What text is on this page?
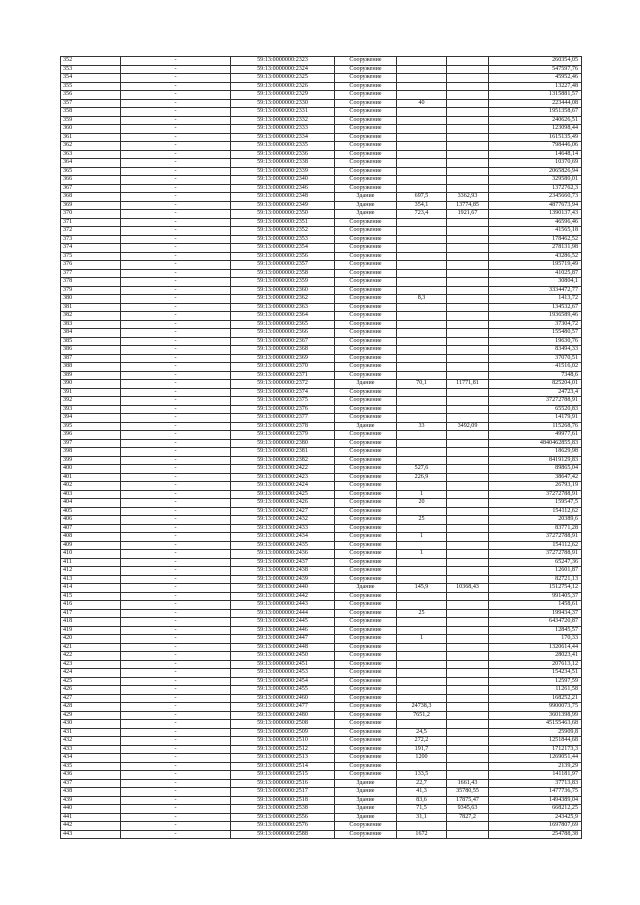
352	-	59:13:0000000:2323	Сооружение			260354,05
353	-	59:13:0000000:2324	Сооружение			547597,76
354	-	59:13:0000000:2325	Сооружение			45952,46
355	-	59:13:0000000:2326	Сооружение			13227,48
356	-	59:13:0000000:2329	Сооружение			1315881,57
357	-	59:13:0000000:2330	Сооружение	40		223444,08
358	-	59:13:0000000:2331	Сооружение			1951358,67
359	-	59:13:0000000:2332	Сооружение			240626,51
360	-	59:13:0000000:2333	Сооружение			123098,44
361	-	59:13:0000000:2334	Сооружение			1615135,49
362	-	59:13:0000000:2335	Сооружение			798446,06
363	-	59:13:0000000:2336	Сооружение			14648,14
364	-	59:13:0000000:2338	Сооружение			10370,69
365	-	59:13:0000000:2339	Сооружение			2065826,94
366	-	59:13:0000000:2340	Сооружение			329580,01
367	-	59:13:0000000:2346	Сооружение			1372762,3
368	-	59:13:0000000:2348	Здание	697,5	3362,93	2345660,73
369	-	59:13:0000000:2349	Здание	354,1	13774,85	4877673,94
370	-	59:13:0000000:2350	Здание	723,4	1921,67	1390137,43
371	-	59:13:0000000:2351	Сооружение			46596,46
372	-	59:13:0000000:2352	Сооружение			41565,18
373	-	59:13:0000000:2353	Сооружение			178462,52
374	-	59:13:0000000:2354	Сооружение			278131,98
375	-	59:13:0000000:2356	Сооружение			43286,52
376	-	59:13:0000000:2357	Сооружение			195719,49
377	-	59:13:0000000:2358	Сооружение			41025,87
378	-	59:13:0000000:2359	Сооружение			30804,1
379	-	59:13:0000000:2360	Сооружение			3334472,77
380	-	59:13:0000000:2362	Сооружение	8,3		1413,72
381	-	59:13:0000000:2363	Сооружение			134532,67
382	-	59:13:0000000:2364	Сооружение			1936589,46
383	-	59:13:0000000:2365	Сооружение			37304,72
384	-	59:13:0000000:2366	Сооружение			155480,57
385	-	59:13:0000000:2367	Сооружение			19630,76
386	-	59:13:0000000:2368	Сооружение			83494,33
387	-	59:13:0000000:2369	Сооружение			37070,51
388	-	59:13:0000000:2370	Сооружение			41516,02
389	-	59:13:0000000:2371	Сооружение			7348,6
390	-	59:13:0000000:2372	Здание	70,1	11771,81	825204,01
391	-	59:13:0000000:2374	Сооружение			24723,4
392	-	59:13:0000000:2375	Сооружение			37272788,91
393	-	59:13:0000000:2376	Сооружение			65520,83
394	-	59:13:0000000:2377	Сооружение			14179,91
395	-	59:13:0000000:2378	Здание	33	3492,09	115268,76
396	-	59:13:0000000:2379	Сооружение			49977,61
397	-	59:13:0000000:2380	Сооружение			4840462855,83
398	-	59:13:0000000:2381	Сооружение			18629,98
399	-	59:13:0000000:2382	Сооружение			8419129,83
400	-	59:13:0000000:2422	Сооружение	527,6		89865,04
401	-	59:13:0000000:2423	Сооружение	226,9		38647,42
402	-	59:13:0000000:2424	Сооружение			26793,19
403	-	59:13:0000000:2425	Сооружение	1		37272788,91
404	-	59:13:0000000:2426	Сооружение	20		159547,5
405	-	59:13:0000000:2427	Сооружение			154112,62
406	-	59:13:0000000:2432	Сооружение	25		20389,6
407	-	59:13:0000000:2433	Сооружение			83771,28
408	-	59:13:0000000:2434	Сооружение	1		37272788,91
409	-	59:13:0000000:2435	Сооружение			154112,62
410	-	59:13:0000000:2436	Сооружение	1		37272788,91
411	-	59:13:0000000:2437	Сооружение			65247,36
412	-	59:13:0000000:2438	Сооружение			12601,87
413	-	59:13:0000000:2439	Сооружение			82721,13
414	-	59:13:0000000:2440	Здание	145,9	10368,43	1512754,12
415	-	59:13:0000000:2442	Сооружение			991405,37
416	-	59:13:0000000:2443	Сооружение			1458,61
417	-	59:13:0000000:2444	Сооружение	25		199434,37
418	-	59:13:0000000:2445	Сооружение			6434720,87
419	-	59:13:0000000:2446	Сооружение			12845,57
420	-	59:13:0000000:2447	Сооружение	1		170,33
421	-	59:13:0000000:2448	Сооружение			1320614,44
422	-	59:13:0000000:2450	Сооружение			28023,41
423	-	59:13:0000000:2451	Сооружение			207613,12
424	-	59:13:0000000:2453	Сооружение			154234,51
425	-	59:13:0000000:2454	Сооружение			12597,59
426	-	59:13:0000000:2455	Сооружение			11261,58
427	-	59:13:0000000:2460	Сооружение			168252,21
428	-	59:13:0000000:2477	Сооружение	24738,3		9900073,75
429	-	59:13:0000000:2480	Сооружение	7651,2		3601398,99
430	-	59:13:0000000:2508	Сооружение			45155463,68
431	-	59:13:0000000:2509	Сооружение	24,5		25909,8
432	-	59:13:0000000:2510	Сооружение	272,2		1251844,68
433	-	59:13:0000000:2512	Сооружение	191,7		1712173,3
434	-	59:13:0000000:2513	Сооружение	1200		1269051,44
435	-	59:13:0000000:2514	Сооружение			2139,29
436	-	59:13:0000000:2515	Сооружение	133,5		141181,97
437	-	59:13:0000000:2516	Здание	22,7	1661,43	37713,83
438	-	59:13:0000000:2517	Здание	41,3	35780,55	1477736,75
439	-	59:13:0000000:2518	Здание	83,6	17875,47	1494389,04
440	-	59:13:0000000:2538	Здание	71,5	9345,63	668212,25
441	-	59:13:0000000:2556	Здание	31,1	7827,2	243425,9
442	-	59:13:0000000:2576	Сооружение			1697807,69
443	-	59:13:0000000:2588	Сооружение	1672		254788,38
